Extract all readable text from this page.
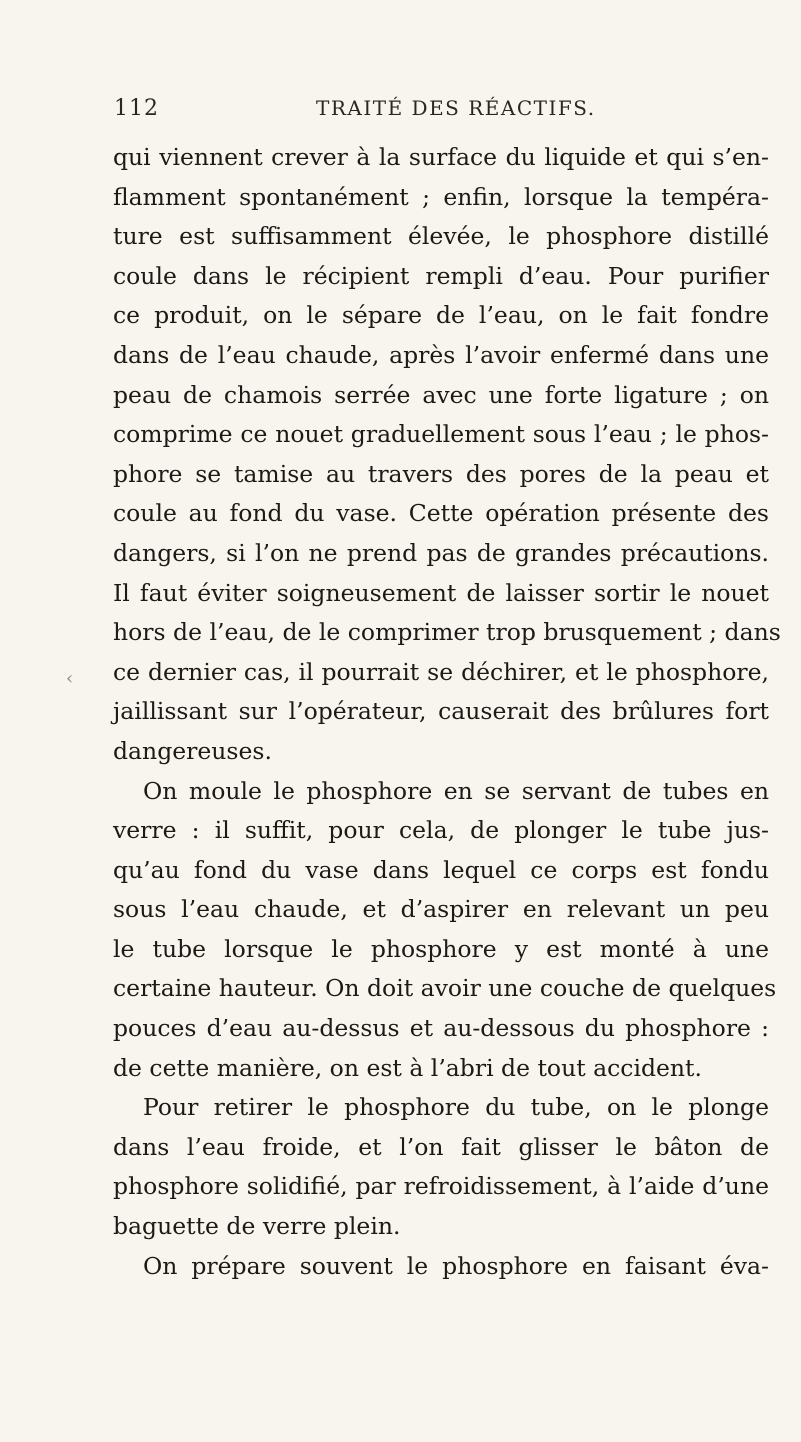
112	TRAITÉ DES RÉACTIFS.
‹
qui viennent crever à la surface du liquide et qui s’en-
flamment spontanément ; enfin, lorsque la tempéra-
ture est suffisamment élevée, le phosphore distillé
coule dans le récipient rempli d’eau. Pour purifier
ce produit, on le sépare de l’eau, on le fait fondre
dans de l’eau chaude, après l’avoir enfermé dans une
peau de chamois serrée avec une forte ligature ; on
comprime ce nouet graduellement sous l’eau ; le phos-
phore se tamise au travers des pores de la peau et
coule au fond du vase. Cette opération présente des
dangers, si l’on ne prend pas de grandes précautions.
Il faut éviter soigneusement de laisser sortir le nouet
hors de l’eau, de le comprimer trop brusquement ; dans
ce dernier cas, il pourrait se déchirer, et le phosphore,
jaillissant sur l’opérateur, causerait des brûlures fort
dangereuses.
On moule le phosphore en se servant de tubes en
verre : il suffit, pour cela, de plonger le tube jus-
qu’au fond du vase dans lequel ce corps est fondu
sous l’eau chaude, et d’aspirer en relevant un peu
le tube lorsque le phosphore y est monté à une
certaine hauteur. On doit avoir une couche de quelques
pouces d’eau au-dessus et au-dessous du phosphore :
de cette manière, on est à l’abri de tout accident.
Pour retirer le phosphore du tube, on le plonge
dans l’eau froide, et l’on fait glisser le bâton de
phosphore solidifié, par refroidissement, à l’aide d’une
baguette de verre plein.
On prépare souvent le phosphore en faisant éva-
